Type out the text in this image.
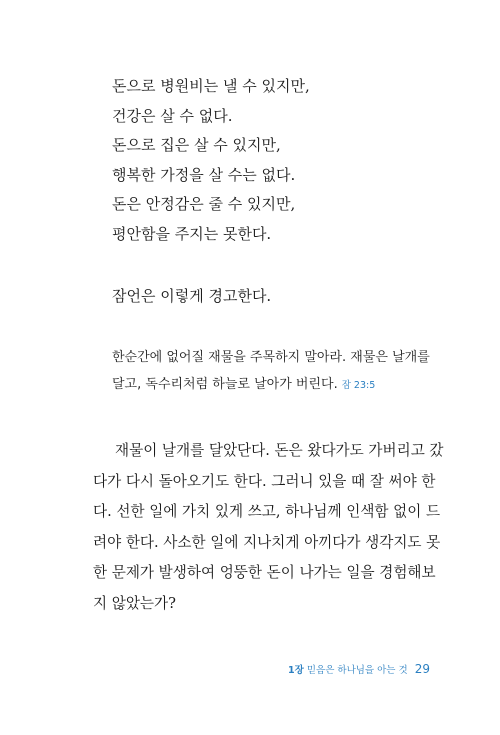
돈으로 병원비는 낼 수 있지만,
건강은 살 수 없다.
돈으로 집은 살 수 있지만,
행복한 가정을 살 수는 없다.
돈은 안정감은 줄 수 있지만,
평안함을 주지는 못한다.
잠언은 이렇게 경고한다.
한순간에 없어질 재물을 주목하지 말아라. 재물은 날개를 달고, 독수리처럼 하늘로 날아가 버린다. 잠 23:5
재물이 날개를 달았단다. 돈은 왔다가도 가버리고 갔
다가 다시 돌아오기도 한다. 그러니 있을 때 잘 써야 한
다. 선한 일에 가치 있게 쓰고, 하나님께 인색함 없이 드
려야 한다. 사소한 일에 지나치게 아끼다가 생각지도 못
한 문제가 발생하여 엉뚱한 돈이 나가는 일을 경험해보
지 않았는가?
1장 믿음은 하나님을 아는 것 29
